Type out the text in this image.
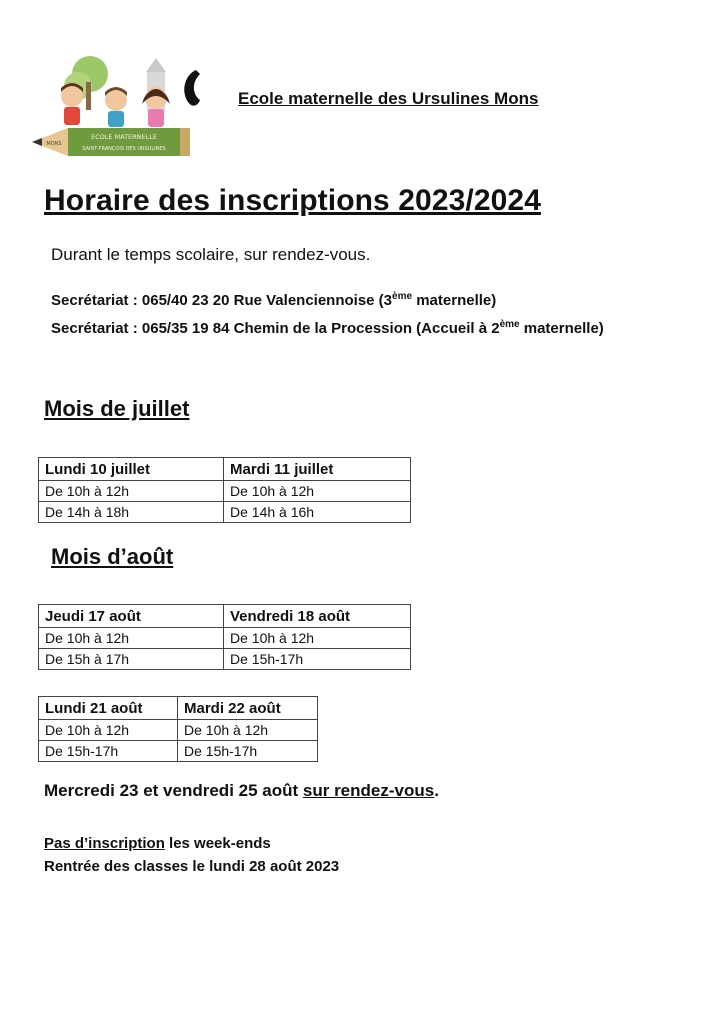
ECOLE MATERNELLE
SAINT-FRANÇOIS DES URSULINES
MONS
Ecole maternelle des Ursulines Mons
Horaire des inscriptions 2023/2024
Durant le temps scolaire, sur rendez-vous.
Secrétariat : 065/40 23 20 Rue Valenciennoise (3ème maternelle)
Secrétariat : 065/35 19 84 Chemin de la Procession (Accueil à 2ème maternelle)
Mois de juillet
Lundi 10 juillet	Mardi 11 juillet
De 10h à 12h	De 10h à 12h
De 14h à 18h	De 14h à 16h
Mois d’août
Jeudi 17 août	Vendredi 18 août
De 10h à 12h	De 10h à 12h
De 15h à 17h	De 15h-17h
Lundi 21 août	Mardi 22 août
De 10h à 12h	De 10h à 12h
De 15h-17h	De 15h-17h
Mercredi 23 et vendredi 25 août sur rendez-vous.
Pas d’inscription les week-ends
Rentrée des classes le lundi 28 août 2023
